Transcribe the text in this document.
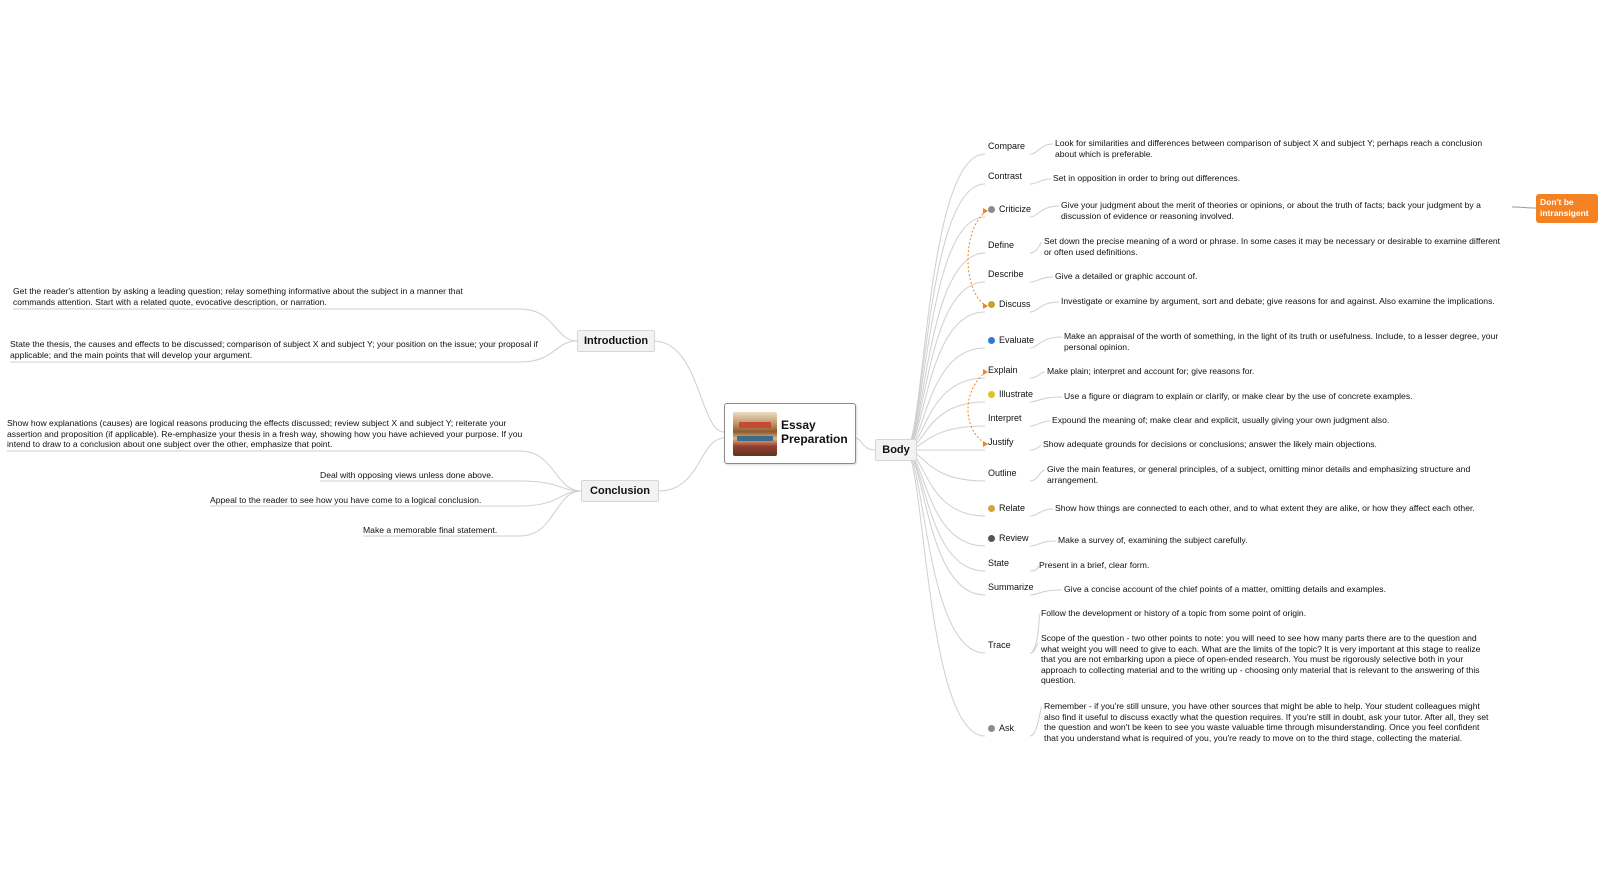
Essay Preparation
Introduction
Conclusion
Body
Get the reader's attention by asking a leading question; relay something informative about the subject in a manner that commands attention. Start with a related quote, evocative description, or narration.
State the thesis, the causes and effects to be discussed; comparison of subject X and subject Y; your position on the issue; your proposal if applicable; and the main points that will develop your argument.
Show how explanations (causes) are logical reasons producing the effects discussed; review subject X and subject Y; reiterate your assertion and proposition (if applicable). Re-emphasize your thesis in a fresh way, showing how you have achieved your purpose. If you intend to draw to a conclusion about one subject over the other, emphasize that point.
Deal with opposing views unless done above.
Appeal to the reader to see how you have come to a logical conclusion.
Make a memorable final statement.
Compare	Look for similarities and differences between comparison of subject X and subject Y; perhaps reach a conclusion about which is preferable.
Contrast	Set in opposition in order to bring out differences.
Criticize	Give your judgment about the merit of theories or opinions, or about the truth of facts; back your judgment by a discussion of evidence or reasoning involved.
Define	Set down the precise meaning of a word or phrase. In some cases it may be necessary or desirable to examine different or often used definitions.
Describe	Give a detailed or graphic account of.
Discuss	Investigate or examine by argument, sort and debate; give reasons for and against. Also examine the implications.
Evaluate	Make an appraisal of the worth of something, in the light of its truth or usefulness. Include, to a lesser degree, your personal opinion.
Explain	Make plain; interpret and account for; give reasons for.
Illustrate	Use a figure or diagram to explain or clarify, or make clear by the use of concrete examples.
Interpret	Expound the meaning of; make clear and explicit, usually giving your own judgment also.
Justify	Show adequate grounds for decisions or conclusions; answer the likely main objections.
Outline	Give the main features, or general principles, of a subject, omitting minor details and emphasizing structure and arrangement.
Relate	Show how things are connected to each other, and to what extent they are alike, or how they affect each other.
Review	Make a survey of, examining the subject carefully.
State	Present in a brief, clear form.
Summarize	Give a concise account of the chief points of a matter, omitting details and examples.
Trace
Follow the development or history of a topic from some point of origin.
Scope of the question - two other points to note: you will need to see how many parts there are to the question and what weight you will need to give to each. What are the limits of the topic? It is very important at this stage to realize that you are not embarking upon a piece of open-ended research. You must be rigorously selective both in your approach to collecting material and to the writing up - choosing only material that is relevant to the answering of this question.
Ask
Remember - if you're still unsure, you have other sources that might be able to help. Your student colleagues might also find it useful to discuss exactly what the question requires. If you're still in doubt, ask your tutor. After all, they set the question and won't be keen to see you waste valuable time through misunderstanding. Once you feel confident that you understand what is required of you, you're ready to move on to the third stage, collecting the material.
Don't be intransigent
